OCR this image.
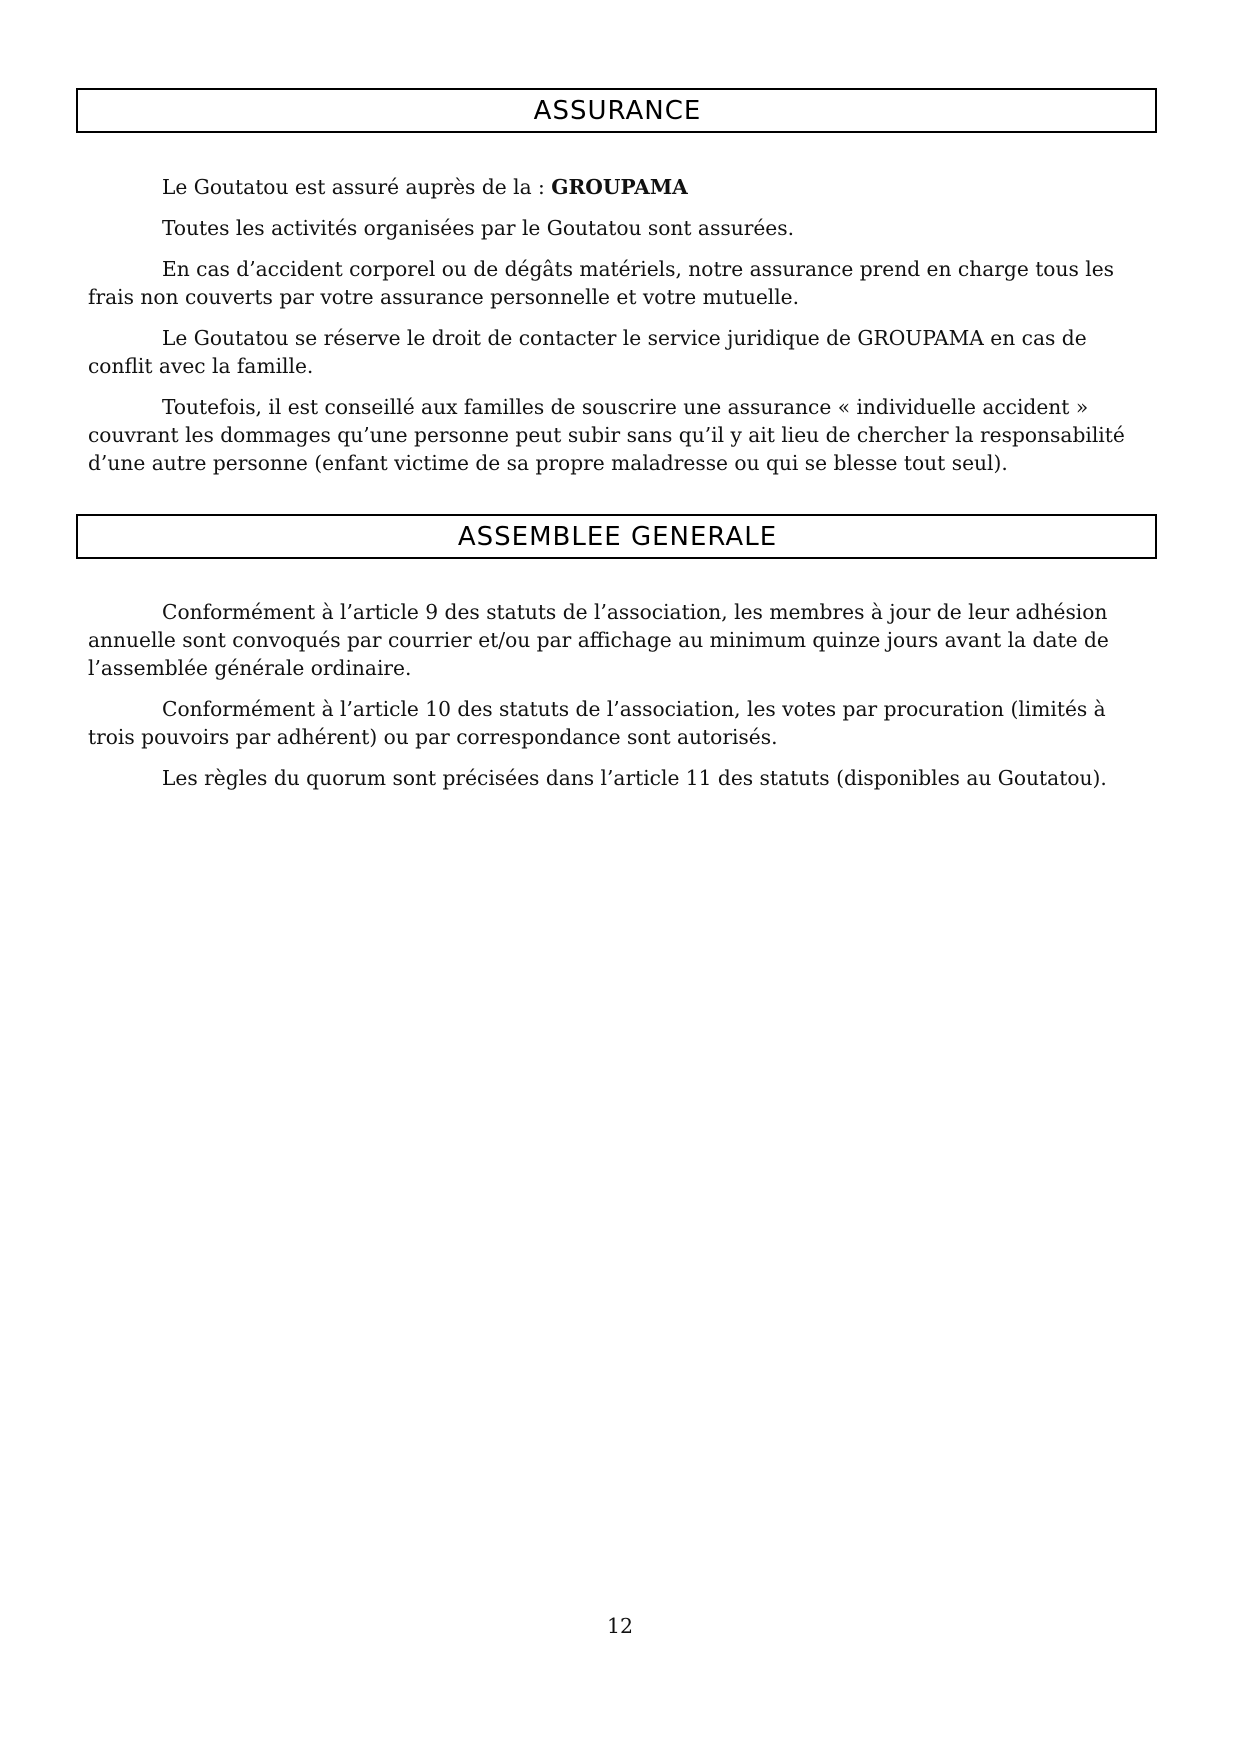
ASSURANCE

Le Goutatou est assuré auprès de la : GROUPAMA

Toutes les activités organisées par le Goutatou sont assurées.

En cas d’accident corporel ou de dégâts matériels, notre assurance prend en charge tous les frais non couverts par votre assurance personnelle et votre mutuelle.

Le Goutatou se réserve le droit de contacter le service juridique de GROUPAMA en cas de conflit avec la famille.

Toutefois, il est conseillé aux familles de souscrire une assurance « individuelle accident » couvrant les dommages qu’une personne peut subir sans qu’il y ait lieu de chercher la responsabilité d’une autre personne (enfant victime de sa propre maladresse ou qui se blesse tout seul).

ASSEMBLEE GENERALE

Conformément à l’article 9 des statuts de l’association, les membres à jour de leur adhésion annuelle sont convoqués par courrier et/ou par affichage au minimum quinze jours avant la date de l’assemblée générale ordinaire.

Conformément à l’article 10 des statuts de l’association, les votes par procuration (limités à trois pouvoirs par adhérent) ou par correspondance sont autorisés.

Les règles du quorum sont précisées dans l’article 11 des statuts (disponibles au Goutatou).

12
